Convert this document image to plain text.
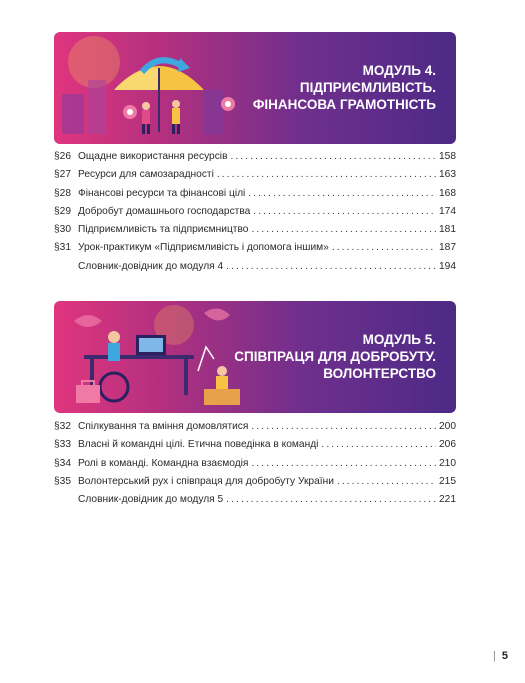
МОДУЛЬ 4.
ПІДПРИЄМЛИВІСТЬ.
ФІНАНСОВА ГРАМОТНІСТЬ
§26 Ощадне використання ресурсів .....	158
§27 Ресурси для самозарадності .....	163
§28 Фінансові ресурси та фінансові цілі .....	168
§29 Добробут домашнього господарства .....	174
§30 Підприємливість та підприємництво .....	181
§31 Урок-практикум «Підприємливість і допомога іншим» .....	187
Словник-довідник до модуля 4 .....	194
МОДУЛЬ 5.
СПІВПРАЦЯ ДЛЯ ДОБРОБУТУ.
ВОЛОНТЕРСТВО
§32 Спілкування та вміння домовлятися .....	200
§33 Власні й командні цілі. Етична поведінка в команді .....	206
§34 Ролі в команді. Командна взаємодія .....	210
§35 Волонтерський рух і співпраця для добробуту України .....	215
Словник-довідник до модуля 5 .....	221
| 5
